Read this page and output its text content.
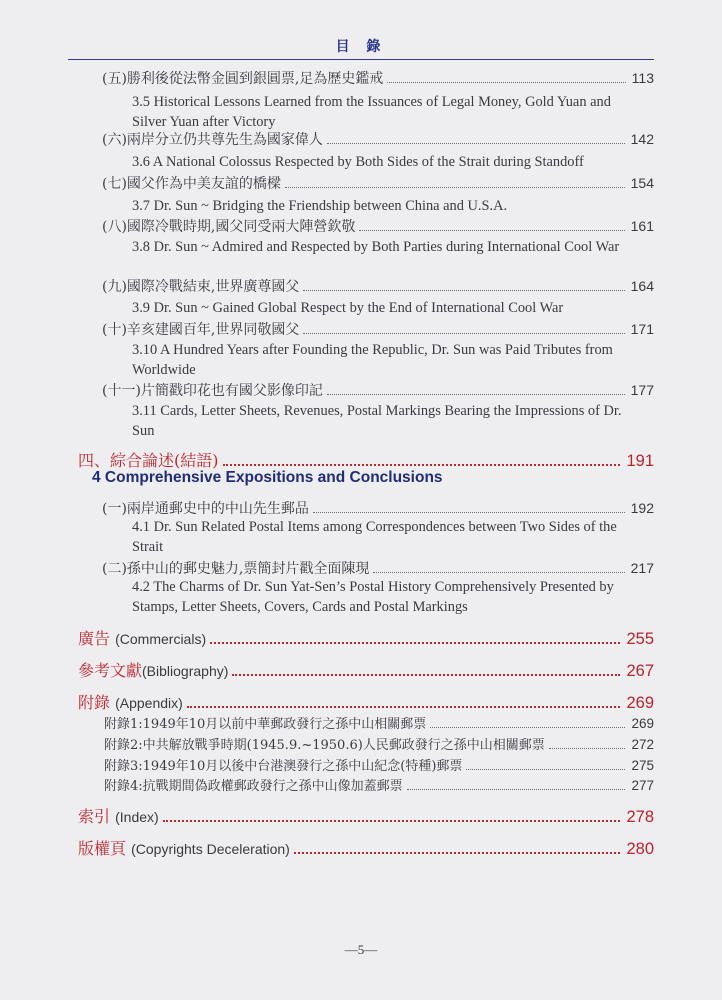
目 錄
(五)勝利後從法幣金圓到銀圓票,足為歷史鑑戒	113
3.5 Historical Lessons Learned from the Issuances of Legal Money, Gold Yuan and Silver Yuan after Victory
(六)兩岸分立仍共尊先生為國家偉人	142
3.6 A National Colossus Respected by Both Sides of the Strait during Standoff
(七)國父作為中美友誼的橋樑	154
3.7 Dr. Sun ~ Bridging the Friendship between China and U.S.A.
(八)國際冷戰時期,國父同受兩大陣營欽敬	161
3.8 Dr. Sun ~ Admired and Respected by Both Parties during International Cool War
(九)國際冷戰結束,世界廣尊國父	164
3.9 Dr. Sun ~ Gained Global Respect by the End of International Cool War
(十)辛亥建國百年,世界同敬國父	171
3.10 A Hundred Years after Founding the Republic, Dr. Sun was Paid Tributes from Worldwide
(十一)片簡戳印花也有國父影像印記	177
3.11 Cards, Letter Sheets, Revenues, Postal Markings Bearing the Impressions of Dr. Sun
四、綜合論述(結語)	191
4 Comprehensive Expositions and Conclusions
(一)兩岸通郵史中的中山先生郵品	192
4.1 Dr. Sun Related Postal Items among Correspondences between Two Sides of the Strait
(二)孫中山的郵史魅力,票簡封片戳全面陳現	217
4.2 The Charms of Dr. Sun Yat-Sen’s Postal History Comprehensively Presented by Stamps, Letter Sheets, Covers, Cards and Postal Markings
廣告 (Commercials)	255
參考文獻(Bibliography)	267
附錄 (Appendix)	269
附錄1:1949年10月以前中華郵政發行之孫中山相關郵票	269
附錄2:中共解放戰爭時期(1945.9.~1950.6)人民郵政發行之孫中山相關郵票	272
附錄3:1949年10月以後中台港澳發行之孫中山紀念(特種)郵票	275
附錄4:抗戰期間偽政權郵政發行之孫中山像加蓋郵票	277
索引 (Index)	278
版權頁 (Copyrights Deceleration)	280
—5—
